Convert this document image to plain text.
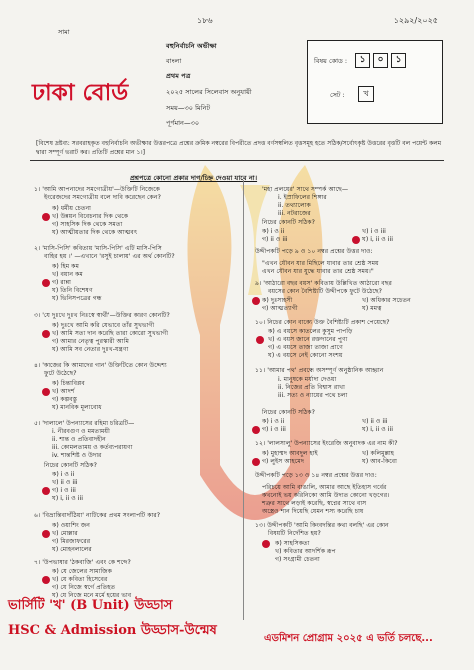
১৮৬	১২৯২/২০২৫
সামা
ঢাকা বোর্ড
বহুনির্বাচনি অভীক্ষা
বাংলা
প্রথম পত্র
২০২৫ সালের সিলেবাস অনুযায়ী
সময়—৩০ মিনিট
পূর্ণমান—৩০
বিষয় কোড :	১	০	১
সেট :	খ
[বিশেষ দ্রষ্টব্য: সরবরাহকৃত বহুনির্বাচনি অভীক্ষার উত্তরপত্রে প্রশ্নের ক্রমিক নম্বরের বিপরীতে প্রদত্ত বর্ণসম্বলিত বৃত্তসমূহ হতে সঠিক/সর্বোৎকৃষ্ট উত্তরের বৃত্তটি বল পয়েন্ট কলম দ্বারা সম্পূর্ণ ভরাট কর। প্রতিটি প্রশ্নের মান ১।]
প্রশ্নপত্রে কোনো প্রকার দাগ/চিহ্ন দেওয়া যাবে না।
১। 'আমি আপনাদের সমগোত্রীয়'—উক্তিটি নিজেকে
ইংরেজদের সমগোত্রীয় বলে দাবি করেছেন কেন?
ক) ধর্মীয় চেতনা
খ) উন্নয়ন বিবেচনার দিক থেকে
গ) সাহসিক দিক থেকে সমতা
ঘ) আত্মীয়তার দিক থেকে আত্মবৎ
২। 'মাসি-পিসি' কবিতায় 'মাসি-পিসি' এটি মাসি-পিসি
বাহির হয় ।' —এখানে 'রসুই চালায়' এর অর্থ কোনটি?
ক) হিম কম
খ) বয়ান কম
গ) রান্না
ঘ) তিনি বিশেষণ
ঘ) ভিনিসপত্রের গন্ধ
৩। 'যে দুঃখে দুঃখ নিঃস্বে স্বার্থী'—উক্তির কারণ কোনটি?
ক) দুঃখে আমি করি যেভাবে তাঁর সুখভাগী
খ) আমি সত্য দান করেছি তারা কোরো সুখভাগী
গ) আমার নেতৃত্ব পুরস্কারী আমি
ঘ) আমি সব নেতার দুঃখ-যন্ত্রণা
৪। 'কাজের কি আমাদের গান' উক্তিটিতে কোন উদ্দেশ্য
ফুটে উঠেছে?
ক) চিন্তাবিপ্লব
খ) আদর্শ
গ) কল্পবস্তু
ঘ) মানবিক মূল্যবোধ
৫। 'দালালে' উপন্যাসের রহিমা চরিত্রটি—
i. নীরবগুণ ও মমতাময়ী
ii. শান্ত ও প্রতিবাদহীন
iii. কোমলতাময় ও কর্তব্যপরায়ণা
iv. শান্তশিষ্ট ও উদার
নিচের কোনটি সঠিক?
ক) i ও ii
খ) ii ও iii
গ) i ও iii
ঘ) i, ii ও iii
৬। 'বিভ্রান্তিবাদাঁঠিয়া' নাটিকের প্রথম সংলাপটি কার?
ক) ওয়াশিং জন
খ) মোল্লার
গ) মিরজাফরের
ঘ) মোহনলালের
৭। 'উপভাষার 'ঠকবাজি' এবং কে শব্দে?
ক) যে জেলের সামাজিক
খ) যে কবিতা হিসেবের
গ) যে নিজে স্বর্গে প্রতিহত
ঘ) যে নিজে মনে মর্মে হয়ের ভাব
'মহা প্রলয়ের' সাথে সম্পর্ক আছে—
i. ইস্রাফিলের শিঙ্গার
ii. তথ্যালোক
iii. নটরাজের
নিচের কোনটি সঠিক?
ক) i ও ii	খ) i ও iii
গ) ii ও iii	ঘ) i, ii ও iii
উদ্দীপকটি পড়ে ৯ ও ১০ নম্বর প্রশ্নের উত্তর দাও:
"এখন যৌবন যার মিছিলে যাবার তার শ্রেষ্ঠ সময়
এখন যৌবন যার যুদ্ধে যাবার তার শ্রেষ্ঠ সময়।"
৯। 'আঠারো বছর বয়স' কবিতায় উল্লিখিত আঠারো বছর
বয়সের কোন বৈশিষ্ট্যটি উদ্দীপকে ফুটে উঠেছে?
ক) দুঃসাহসী	খ) অধিকার সচেতন
গ) আত্মত্যাগী	ঘ) মমত্ব
১০। নিচের কোন বাক্যে উক্ত বৈশিষ্ট্যটি প্রকাশ পেয়েছে?
ক) এ বয়সে কাতলের কুসুম পাপড়ি
খ) এ বয়স জানে রক্তদানের পুণ্য
গ) এ বয়সে তাজা তাজা প্রাণে
ঘ) এ বয়সে নেই কোনো সংশয়
১১। 'আমার পথ' প্রবন্ধে অসম্পূর্ণ অনুষ্ঠানিক আহ্বান
i. মানুষকে মর্যাদা দেওয়া
ii. নিজের প্রতি বিশ্বাস রাখা
iii. সত্য ও ন্যায়ের পথে চলা
নিচের কোনটি সঠিক?
ক) i ও ii	খ) ii ও iii
গ) i ও iii	ঘ) i, ii ও iii
১২। 'লালসালু' উপন্যাসের ইংরেজি অনুবাদক এর নাম কী?
ক) মুহাম্মদ আবদুল হাই	খ) কলিমুল্লাহ
গ) লুইস আহমেদ	ঘ) আব-কিবো
উদ্দীপকটি পড়ে ১৩ ও ১৪ নম্বর প্রশ্নের উত্তর দাও:
পরিচয়ে আমি বাঙালি, আমার আছে ইতিহাস গর্বের
কখনোই ভয় করিনিকো আমি উদ্যত কোনো খড়গের।
শত্রুর সাথে লড়াই করেছি, স্বপ্নের সাথে বাস
অস্ত্রেও শান দিয়েছি যেমন শস্য করেছি চাষ
১৩। উদ্দীপকটি 'আমি কিংবদন্তির কথা বলছি' এর কোন
বিষয়টি নির্দেশিত হয়?
ক) সাহসিকতা
খ) কবিতার আদর্শিক রূপ
গ) সংগ্রামী চেতনা
ভার্সিটি 'খ' (B Unit) উড্ডাস
HSC & Admission উড্ডাস-উন্মেষ
এডমিশন প্রোগ্রাম ২০২৫ এ ভর্তি চলছে...
